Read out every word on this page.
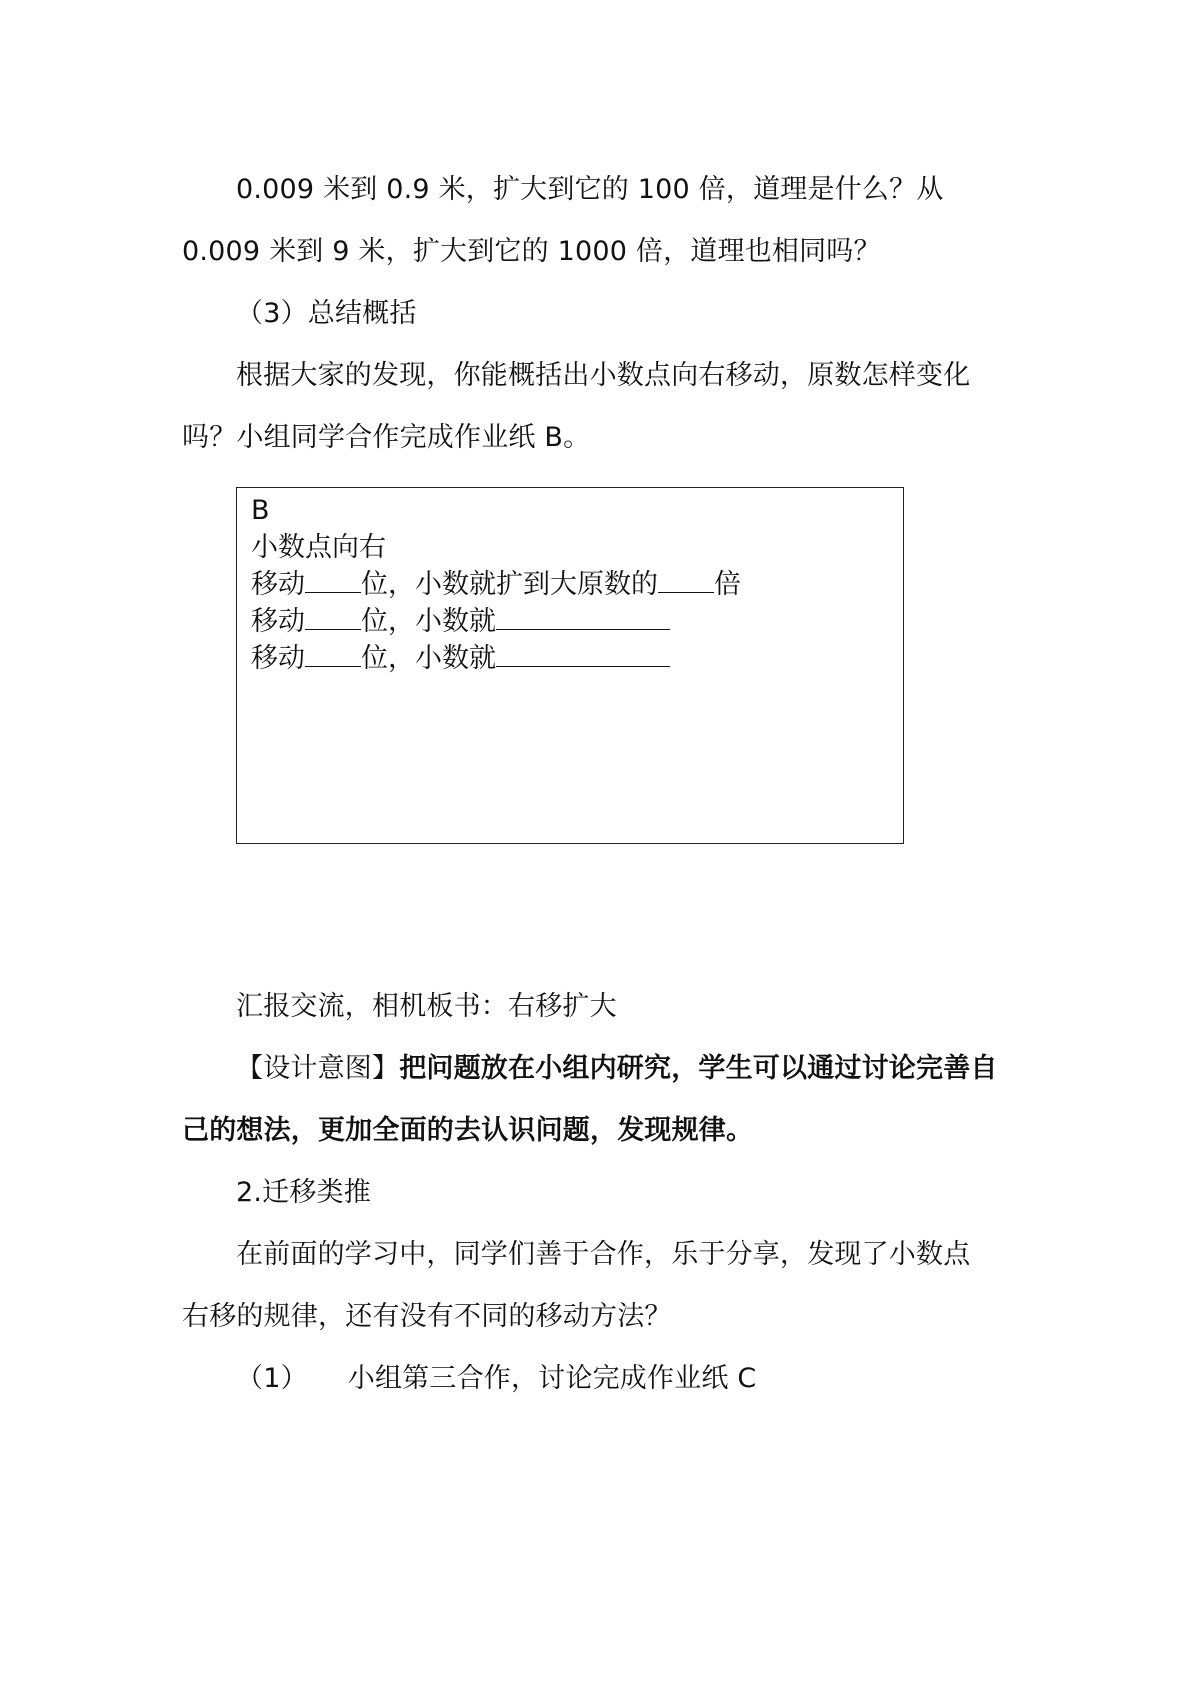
0.009 米到 0.9 米，扩大到它的 100 倍，道理是什么？从
0.009 米到 9 米，扩大到它的 1000 倍，道理也相同吗？
（3）总结概括
根据大家的发现，你能概括出小数点向右移动，原数怎样变化
吗？小组同学合作完成作业纸 B。
B
小数点向右
移动 位，小数就扩到大原数的 倍
移动 位，小数就
移动 位，小数就
汇报交流，相机板书：右移扩大
【设计意图】把问题放在小组内研究，学生可以通过讨论完善自
己的想法，更加全面的去认识问题，发现规律。
2.迁移类推
在前面的学习中，同学们善于合作，乐于分享，发现了小数点
右移的规律，还有没有不同的移动方法？
（1） 小组第三合作，讨论完成作业纸 C
